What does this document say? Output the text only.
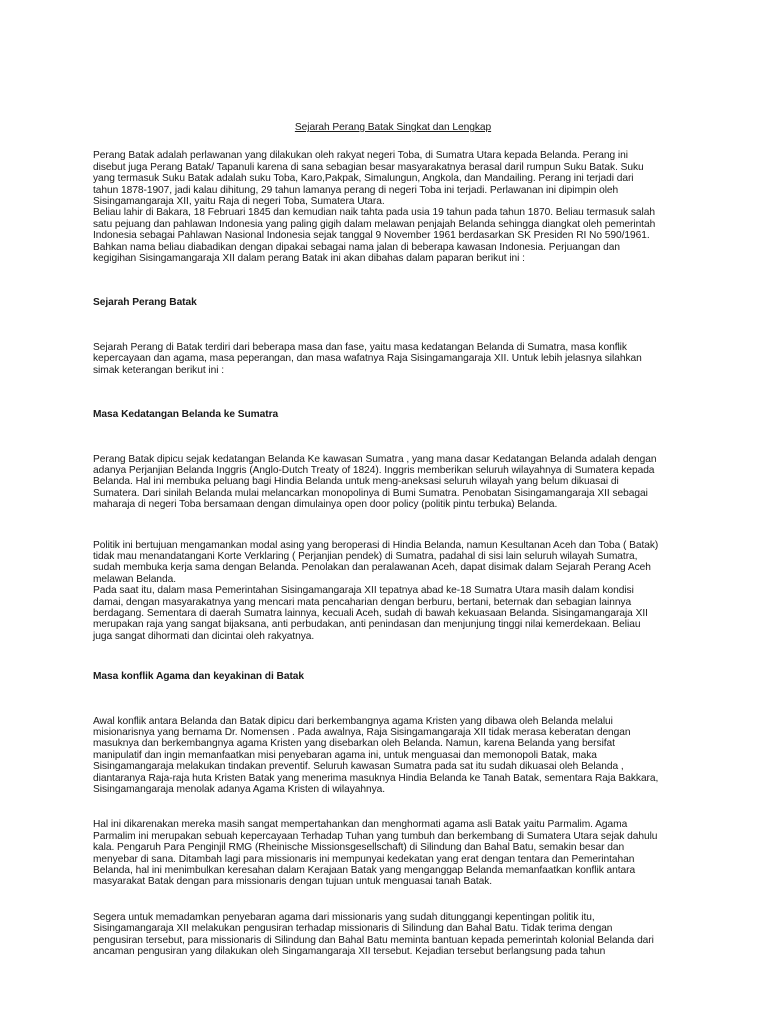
Sejarah Perang Batak Singkat dan Lengkap

Perang Batak adalah perlawanan yang dilakukan oleh rakyat negeri Toba, di Sumatra Utara kepada Belanda. Perang ini
disebut juga Perang Batak/ Tapanuli karena di sana sebagian besar masyarakatnya berasal daril rumpun Suku Batak. Suku
yang termasuk Suku Batak adalah suku Toba, Karo,Pakpak, Simalungun, Angkola, dan Mandailing. Perang ini terjadi dari
tahun 1878-1907, jadi kalau dihitung, 29 tahun lamanya perang di negeri Toba ini terjadi. Perlawanan ini dipimpin oleh
Sisingamangaraja XII, yaitu Raja di negeri Toba, Sumatera Utara.
Beliau lahir di Bakara, 18 Februari 1845 dan kemudian naik tahta pada usia 19 tahun pada tahun 1870. Beliau termasuk salah
satu pejuang dan pahlawan Indonesia yang paling gigih dalam melawan penjajah Belanda sehingga diangkat oleh pemerintah
Indonesia sebagai Pahlawan Nasional Indonesia sejak tanggal 9 November 1961 berdasarkan SK Presiden RI No 590/1961.
Bahkan nama beliau diabadikan dengan dipakai sebagai nama jalan di beberapa kawasan Indonesia. Perjuangan dan
kegigihan Sisingamangaraja XII dalam perang Batak ini akan dibahas dalam paparan berikut ini :

Sejarah Perang Batak

Sejarah Perang di Batak terdiri dari beberapa masa dan fase, yaitu masa kedatangan Belanda di Sumatra, masa konflik
kepercayaan dan agama, masa peperangan, dan masa wafatnya Raja Sisingamangaraja XII. Untuk lebih jelasnya silahkan
simak keterangan berikut ini :

Masa Kedatangan Belanda ke Sumatra

Perang Batak dipicu sejak kedatangan Belanda Ke kawasan Sumatra , yang mana dasar Kedatangan Belanda adalah dengan
adanya Perjanjian Belanda Inggris (Anglo-Dutch Treaty of 1824). Inggris memberikan seluruh wilayahnya di Sumatera kepada
Belanda. Hal ini membuka peluang bagi Hindia Belanda untuk meng-aneksasi seluruh wilayah yang belum dikuasai di
Sumatera. Dari sinilah Belanda mulai melancarkan monopolinya di Bumi Sumatra. Penobatan Sisingamangaraja XII sebagai
maharaja di negeri Toba bersamaan dengan dimulainya open door policy (politik pintu terbuka) Belanda.

Politik ini bertujuan mengamankan modal asing yang beroperasi di Hindia Belanda, namun Kesultanan Aceh dan Toba ( Batak)
tidak mau menandatangani Korte Verklaring ( Perjanjian pendek) di Sumatra, padahal di sisi lain seluruh wilayah Sumatra,
sudah membuka kerja sama dengan Belanda. Penolakan dan peralawanan Aceh, dapat disimak dalam Sejarah Perang Aceh
melawan Belanda.
Pada saat itu, dalam masa Pemerintahan Sisingamangaraja XII tepatnya abad ke-18 Sumatra Utara masih dalam kondisi
damai, dengan masyarakatnya yang mencari mata pencaharian dengan berburu, bertani, beternak dan sebagian lainnya
berdagang. Sementara di daerah Sumatra lainnya, kecuali Aceh, sudah di bawah kekuasaan Belanda. Sisingamangaraja XII
merupakan raja yang sangat bijaksana, anti perbudakan, anti penindasan dan menjunjung tinggi nilai kemerdekaan. Beliau
juga sangat dihormati dan dicintai oleh rakyatnya.

Masa konflik Agama dan keyakinan di Batak

Awal konflik antara Belanda dan Batak dipicu dari berkembangnya agama Kristen yang dibawa oleh Belanda melalui
misionarisnya yang bernama Dr. Nomensen . Pada awalnya, Raja Sisingamangaraja XII tidak merasa keberatan dengan
masuknya dan berkembangnya agama Kristen yang disebarkan oleh Belanda. Namun, karena Belanda yang bersifat
manipulatif dan ingin memanfaatkan misi penyebaran agama ini, untuk menguasai dan memonopoli Batak, maka
Sisingamangaraja melakukan tindakan preventif. Seluruh kawasan Sumatra pada sat itu sudah dikuasai oleh Belanda ,
diantaranya Raja-raja huta Kristen Batak yang menerima masuknya Hindia Belanda ke Tanah Batak, sementara Raja Bakkara,
Sisingamangaraja menolak adanya Agama Kristen di wilayahnya.

Hal ini dikarenakan mereka masih sangat mempertahankan dan menghormati agama asli Batak yaitu Parmalim. Agama
Parmalim ini merupakan sebuah kepercayaan Terhadap Tuhan yang tumbuh dan berkembang di Sumatera Utara sejak dahulu
kala. Pengaruh Para Penginjil RMG (Rheinische Missionsgesellschaft) di Silindung dan Bahal Batu, semakin besar dan
menyebar di sana. Ditambah lagi para missionaris ini mempunyai kedekatan yang erat dengan tentara dan Pemerintahan
Belanda, hal ini menimbulkan keresahan dalam Kerajaan Batak yang menganggap Belanda memanfaatkan konflik antara
masyarakat Batak dengan para missionaris dengan tujuan untuk menguasai tanah Batak.

Segera untuk memadamkan penyebaran agama dari missionaris yang sudah ditunggangi kepentingan politik itu,
Sisingamangaraja XII melakukan pengusiran terhadap missionaris di Silindung dan Bahal Batu. Tidak terima dengan
pengusiran tersebut, para missionaris di Silindung dan Bahal Batu meminta bantuan kepada pemerintah kolonial Belanda dari
ancaman pengusiran yang dilakukan oleh Singamangaraja XII tersebut. Kejadian tersebut berlangsung pada tahun
